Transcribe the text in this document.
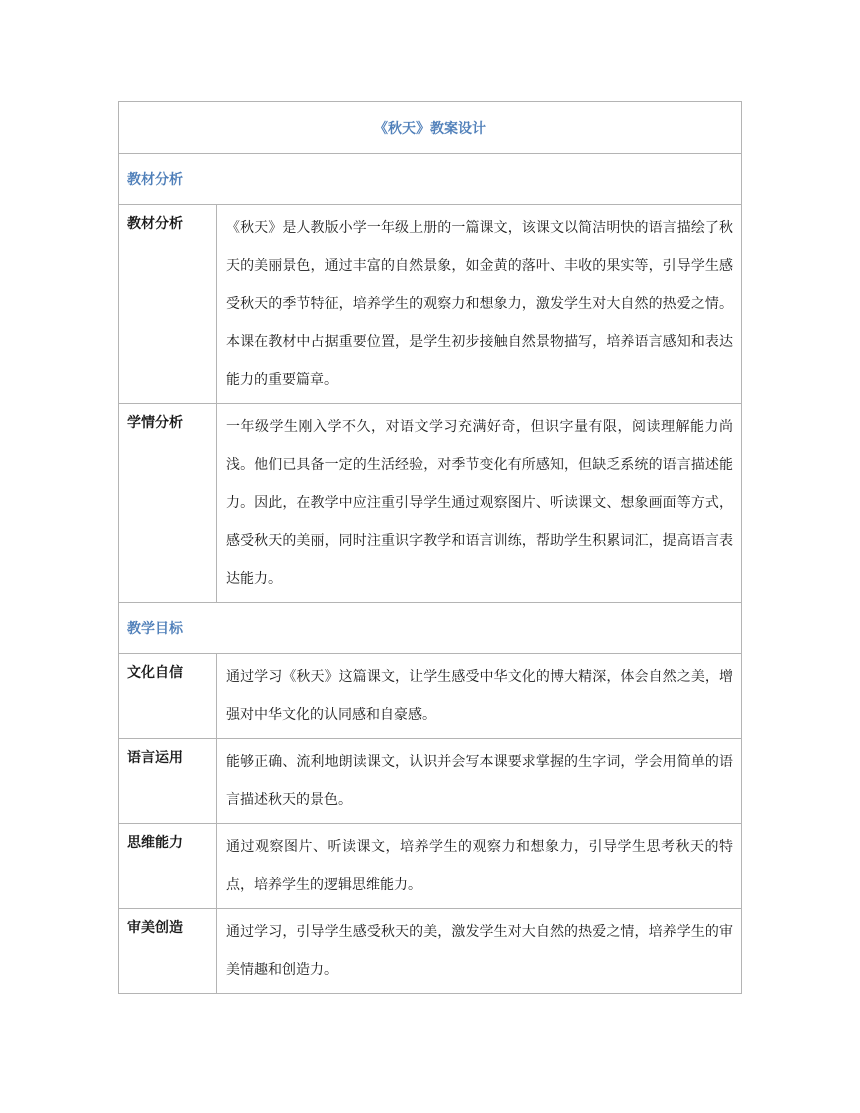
《秋天》教案设计	
教材分析	
教材分析	《秋天》是人教版小学一年级上册的一篇课文，该课文以简洁明快的语言描绘了秋天的美丽景色，通过丰富的自然景象，如金黄的落叶、丰收的果实等，引导学生感受秋天的季节特征，培养学生的观察力和想象力，激发学生对大自然的热爱之情。本课在教材中占据重要位置，是学生初步接触自然景物描写，培养语言感知和表达能力的重要篇章。
学情分析	一年级学生刚入学不久，对语文学习充满好奇，但识字量有限，阅读理解能力尚浅。他们已具备一定的生活经验，对季节变化有所感知，但缺乏系统的语言描述能力。因此，在教学中应注重引导学生通过观察图片、听读课文、想象画面等方式，感受秋天的美丽，同时注重识字教学和语言训练，帮助学生积累词汇，提高语言表达能力。
教学目标	
文化自信	通过学习《秋天》这篇课文，让学生感受中华文化的博大精深，体会自然之美，增强对中华文化的认同感和自豪感。
语言运用	能够正确、流利地朗读课文，认识并会写本课要求掌握的生字词，学会用简单的语言描述秋天的景色。
思维能力	通过观察图片、听读课文，培养学生的观察力和想象力，引导学生思考秋天的特点，培养学生的逻辑思维能力。
审美创造	通过学习，引导学生感受秋天的美，激发学生对大自然的热爱之情，培养学生的审美情趣和创造力。
